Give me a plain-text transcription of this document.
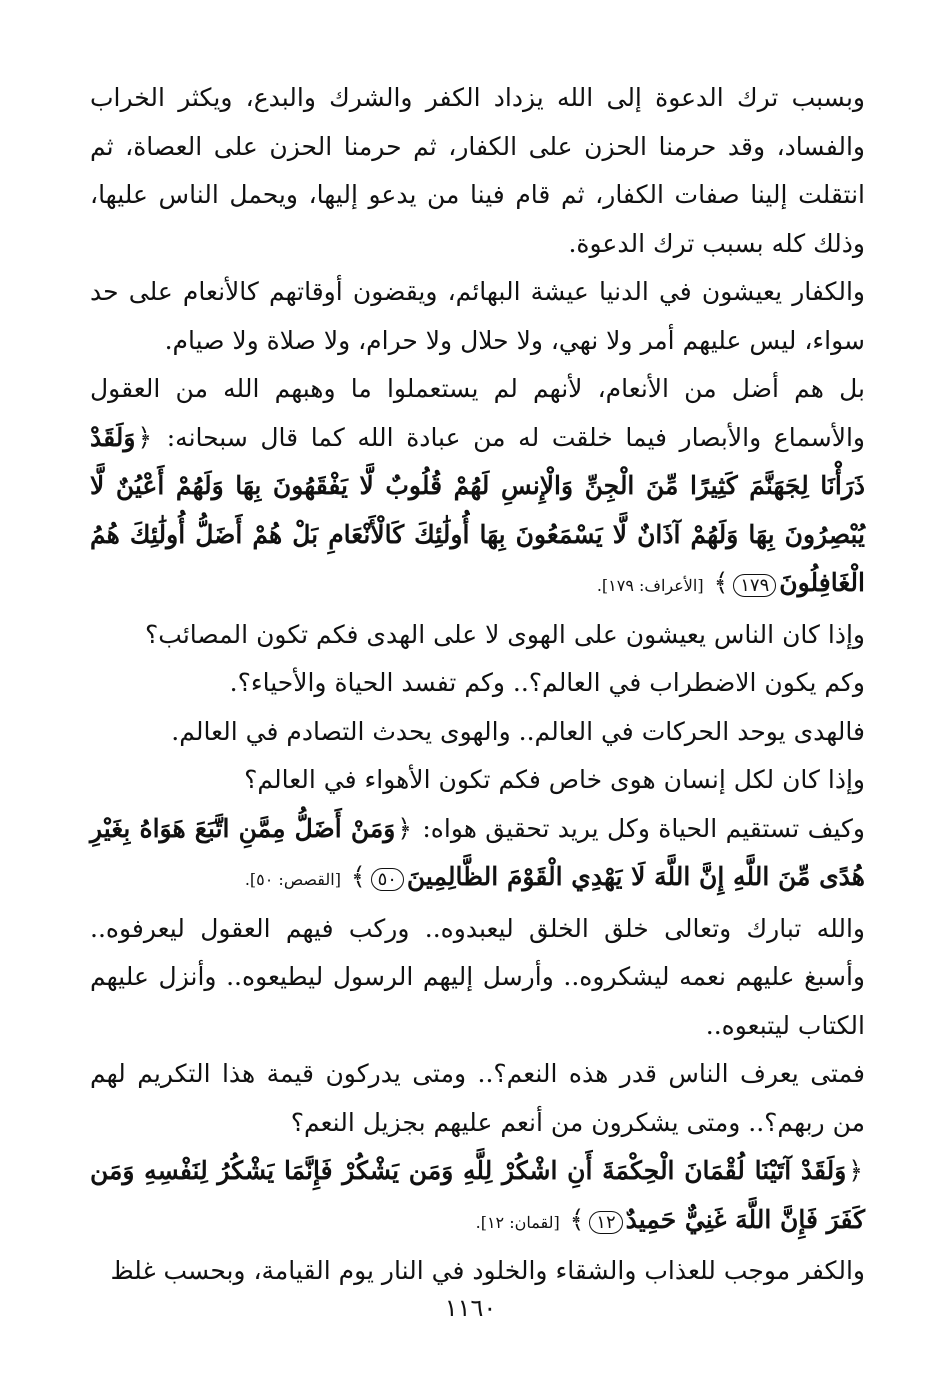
وبسبب ترك الدعوة إلى الله يزداد الكفر والشرك والبدع، ويكثر الخراب والفساد، وقد حرمنا الحزن على الكفار، ثم حرمنا الحزن على العصاة، ثم انتقلت إلينا صفات الكفار، ثم قام فينا من يدعو إليها، ويحمل الناس عليها، وذلك كله بسبب ترك الدعوة.

والكفار يعيشون في الدنيا عيشة البهائم، ويقضون أوقاتهم كالأنعام على حد سواء، ليس عليهم أمر ولا نهي، ولا حلال ولا حرام، ولا صلاة ولا صيام.

بل هم أضل من الأنعام، لأنهم لم يستعملوا ما وهبهم الله من العقول والأسماع والأبصار فيما خلقت له من عبادة الله كما قال سبحانه: ﴿وَلَقَدْ ذَرَأْنَا لِجَهَنَّمَ كَثِيرًا مِّنَ الْجِنِّ وَالْإِنسِ لَهُمْ قُلُوبٌ لَّا يَفْقَهُونَ بِهَا وَلَهُمْ أَعْيُنٌ لَّا يُبْصِرُونَ بِهَا وَلَهُمْ آذَانٌ لَّا يَسْمَعُونَ بِهَا أُولَٰئِكَ كَالْأَنْعَامِ بَلْ هُمْ أَضَلُّ أُولَٰئِكَ هُمُ الْغَافِلُونَ١٧٩﴾ [الأعراف: ١٧٩].

وإذا كان الناس يعيشون على الهوى لا على الهدى فكم تكون المصائب؟

وكم يكون الاضطراب في العالم؟.. وكم تفسد الحياة والأحياء؟.

فالهدى يوحد الحركات في العالم.. والهوى يحدث التصادم في العالم.

وإذا كان لكل إنسان هوى خاص فكم تكون الأهواء في العالم؟

وكيف تستقيم الحياة وكل يريد تحقيق هواه: ﴿وَمَنْ أَضَلُّ مِمَّنِ اتَّبَعَ هَوَاهُ بِغَيْرِ هُدًى مِّنَ اللَّهِ إِنَّ اللَّهَ لَا يَهْدِي الْقَوْمَ الظَّالِمِينَ٥٠﴾ [القصص: ٥٠].

والله تبارك وتعالى خلق الخلق ليعبدوه.. وركب فيهم العقول ليعرفوه.. وأسبغ عليهم نعمه ليشكروه.. وأرسل إليهم الرسول ليطيعوه.. وأنزل عليهم الكتاب ليتبعوه..

فمتى يعرف الناس قدر هذه النعم؟.. ومتى يدركون قيمة هذا التكريم لهم من ربهم؟.. ومتى يشكرون من أنعم عليهم بجزيل النعم؟

﴿وَلَقَدْ آتَيْنَا لُقْمَانَ الْحِكْمَةَ أَنِ اشْكُرْ لِلَّهِ وَمَن يَشْكُرْ فَإِنَّمَا يَشْكُرُ لِنَفْسِهِ وَمَن كَفَرَ فَإِنَّ اللَّهَ غَنِيٌّ حَمِيدٌ١٢﴾ [لقمان: ١٢].

والكفر موجب للعذاب والشقاء والخلود في النار يوم القيامة، وبحسب غلظ

١١٦٠
